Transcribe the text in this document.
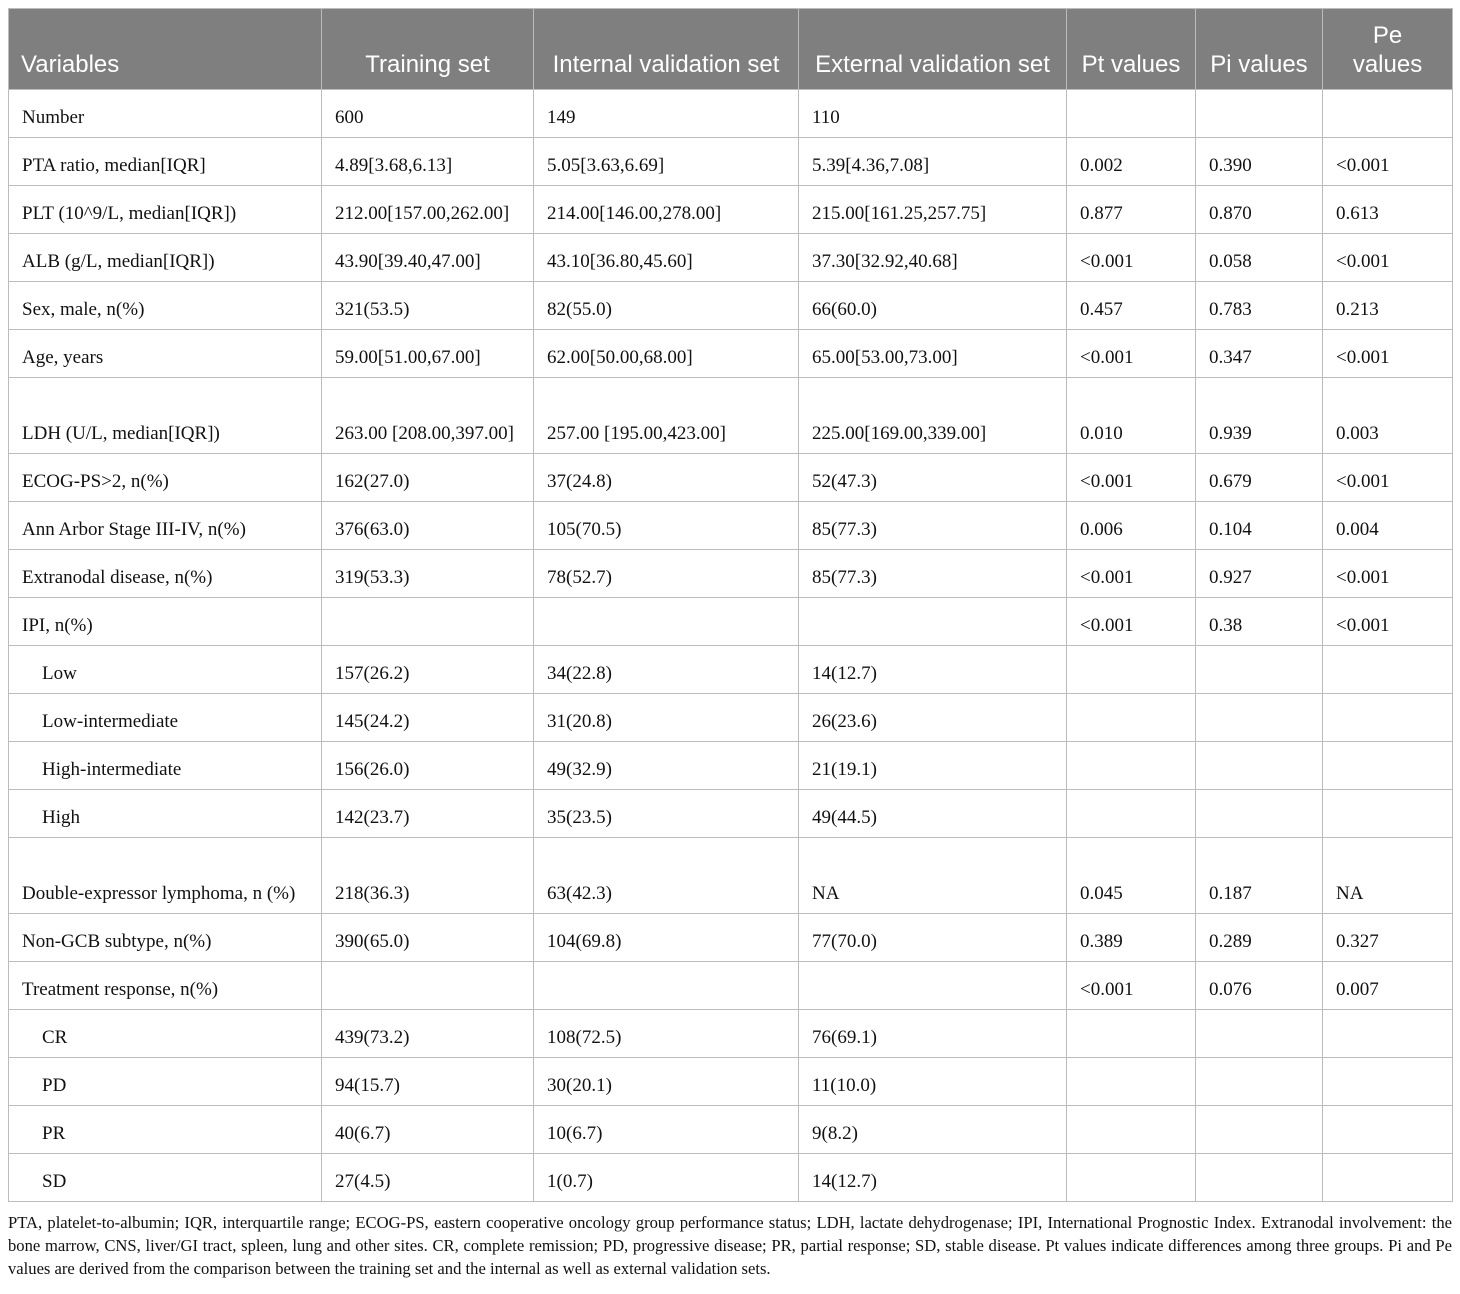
Variables	Training set	Internal validation set	External validation set	Pt values	Pi values	Pe values
Number	600	149	110			
PTA ratio, median[IQR]	4.89[3.68,6.13]	5.05[3.63,6.69]	5.39[4.36,7.08]	0.002	0.390	<0.001
PLT (10^9/L, median[IQR])	212.00[157.00,262.00]	214.00[146.00,278.00]	215.00[161.25,257.75]	0.877	0.870	0.613
ALB (g/L, median[IQR])	43.90[39.40,47.00]	43.10[36.80,45.60]	37.30[32.92,40.68]	<0.001	0.058	<0.001
Sex, male, n(%)	321(53.5)	82(55.0)	66(60.0)	0.457	0.783	0.213
Age, years	59.00[51.00,67.00]	62.00[50.00,68.00]	65.00[53.00,73.00]	<0.001	0.347	<0.001
LDH (U/L, median[IQR])	263.00 [208.00,397.00]	257.00 [195.00,423.00]	225.00[169.00,339.00]	0.010	0.939	0.003
ECOG-PS>2, n(%)	162(27.0)	37(24.8)	52(47.3)	<0.001	0.679	<0.001
Ann Arbor Stage III-IV, n(%)	376(63.0)	105(70.5)	85(77.3)	0.006	0.104	0.004
Extranodal disease, n(%)	319(53.3)	78(52.7)	85(77.3)	<0.001	0.927	<0.001
IPI, n(%)				<0.001	0.38	<0.001
Low	157(26.2)	34(22.8)	14(12.7)			
Low-intermediate	145(24.2)	31(20.8)	26(23.6)			
High-intermediate	156(26.0)	49(32.9)	21(19.1)			
High	142(23.7)	35(23.5)	49(44.5)			
Double-expressor lymphoma, n (%)	218(36.3)	63(42.3)	NA	0.045	0.187	NA
Non-GCB subtype, n(%)	390(65.0)	104(69.8)	77(70.0)	0.389	0.289	0.327
Treatment response, n(%)				<0.001	0.076	0.007
CR	439(73.2)	108(72.5)	76(69.1)			
PD	94(15.7)	30(20.1)	11(10.0)			
PR	40(6.7)	10(6.7)	9(8.2)			
SD	27(4.5)	1(0.7)	14(12.7)			

PTA, platelet-to-albumin; IQR, interquartile range; ECOG-PS, eastern cooperative oncology group performance status; LDH, lactate dehydrogenase; IPI, International Prognostic Index. Extranodal involvement: the bone marrow, CNS, liver/GI tract, spleen, lung and other sites. CR, complete remission; PD, progressive disease; PR, partial response; SD, stable disease. Pt values indicate differences among three groups. Pi and Pe values are derived from the comparison between the training set and the internal as well as external validation sets.
